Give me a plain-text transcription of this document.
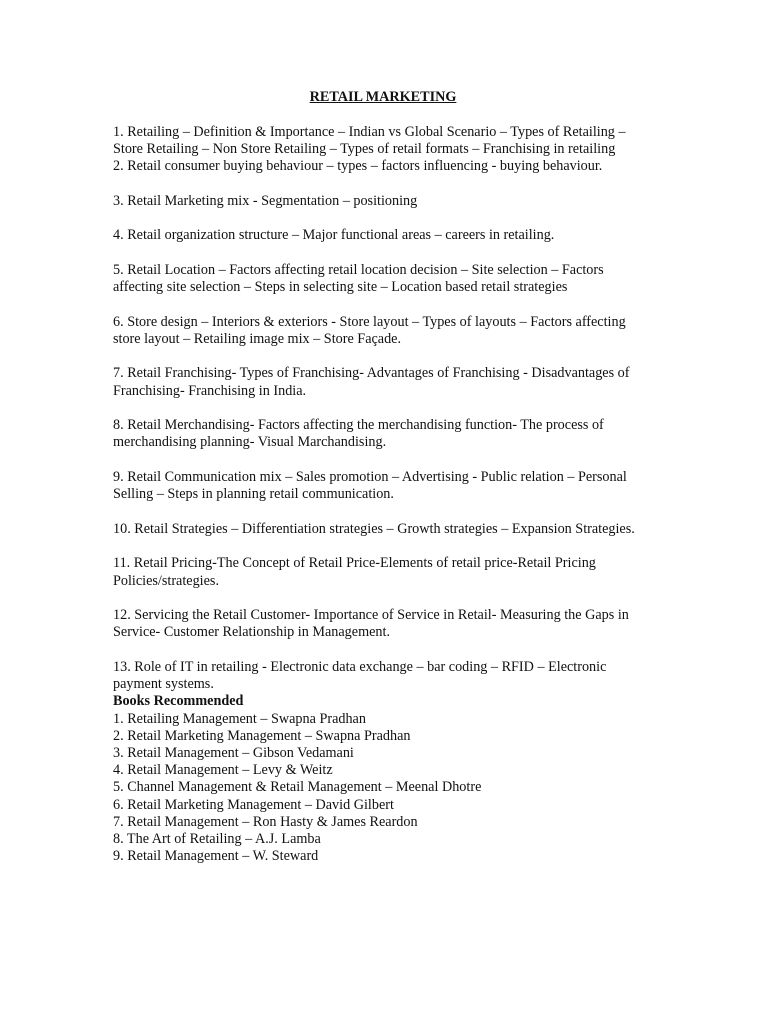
RETAIL MARKETING
1. Retailing – Definition & Importance – Indian vs Global Scenario – Types of Retailing – Store Retailing – Non Store Retailing – Types of retail formats – Franchising in retailing
2. Retail consumer buying behaviour – types – factors influencing - buying behaviour.
3. Retail Marketing mix - Segmentation – positioning
4. Retail organization structure – Major functional areas – careers in retailing.
5. Retail Location – Factors affecting retail location decision – Site selection – Factors affecting site selection – Steps in selecting site – Location based retail strategies
6. Store design – Interiors & exteriors - Store layout – Types of layouts – Factors affecting store layout – Retailing image mix – Store Façade.
7. Retail Franchising- Types of Franchising- Advantages of Franchising - Disadvantages of Franchising- Franchising in India.
8. Retail Merchandising- Factors affecting the merchandising function- The process of merchandising planning- Visual Marchandising.
9. Retail Communication mix – Sales promotion – Advertising - Public relation – Personal Selling – Steps in planning retail communication.
10. Retail Strategies – Differentiation strategies – Growth strategies – Expansion Strategies.
11. Retail Pricing-The Concept of Retail Price-Elements of retail price-Retail Pricing Policies/strategies.
12. Servicing the Retail Customer- Importance of Service in Retail- Measuring the Gaps in Service- Customer Relationship in Management.
13. Role of IT in retailing - Electronic data exchange – bar coding – RFID – Electronic payment systems.
Books Recommended
1. Retailing Management – Swapna Pradhan
2. Retail Marketing Management – Swapna Pradhan
3. Retail Management – Gibson Vedamani
4. Retail Management – Levy & Weitz
5. Channel Management & Retail Management – Meenal Dhotre
6. Retail Marketing Management – David Gilbert
7. Retail Management – Ron Hasty & James Reardon
8. The Art of Retailing – A.J. Lamba
9. Retail Management – W. Steward
